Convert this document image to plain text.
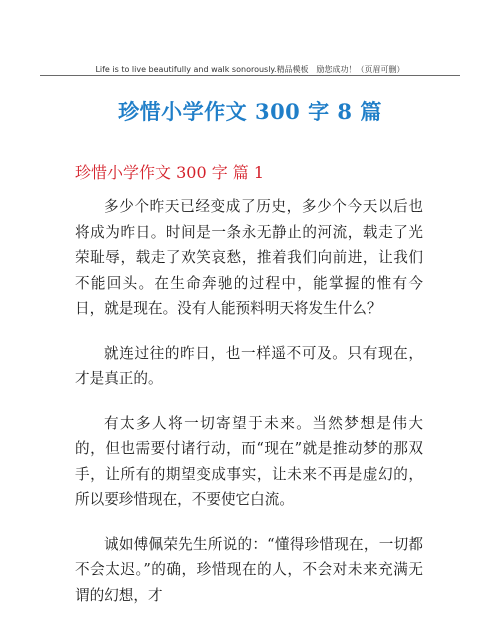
Life is to live beautifully and walk sonorously.精品模板　励您成功！（页眉可删）
珍惜小学作文 300 字 8 篇
珍惜小学作文 300 字 篇 1

多少个昨天已经变成了历史，多少个今天以后也将成为昨日。时间是一条永无静止的河流，载走了光荣耻辱，载走了欢笑哀愁，推着我们向前进，让我们不能回头。在生命奔驰的过程中，能掌握的惟有今日，就是现在。没有人能预料明天将发生什么？

就连过往的昨日，也一样遥不可及。只有现在，才是真正的。

有太多人将一切寄望于未来。当然梦想是伟大的，但也需要付诸行动，而“现在”就是推动梦的那双手，让所有的期望变成事实，让未来不再是虚幻的，所以要珍惜现在，不要使它白流。

诚如傅佩荣先生所说的：“懂得珍惜现在，一切都不会太迟。”的确，珍惜现在的人，不会对未来充满无谓的幻想，才
